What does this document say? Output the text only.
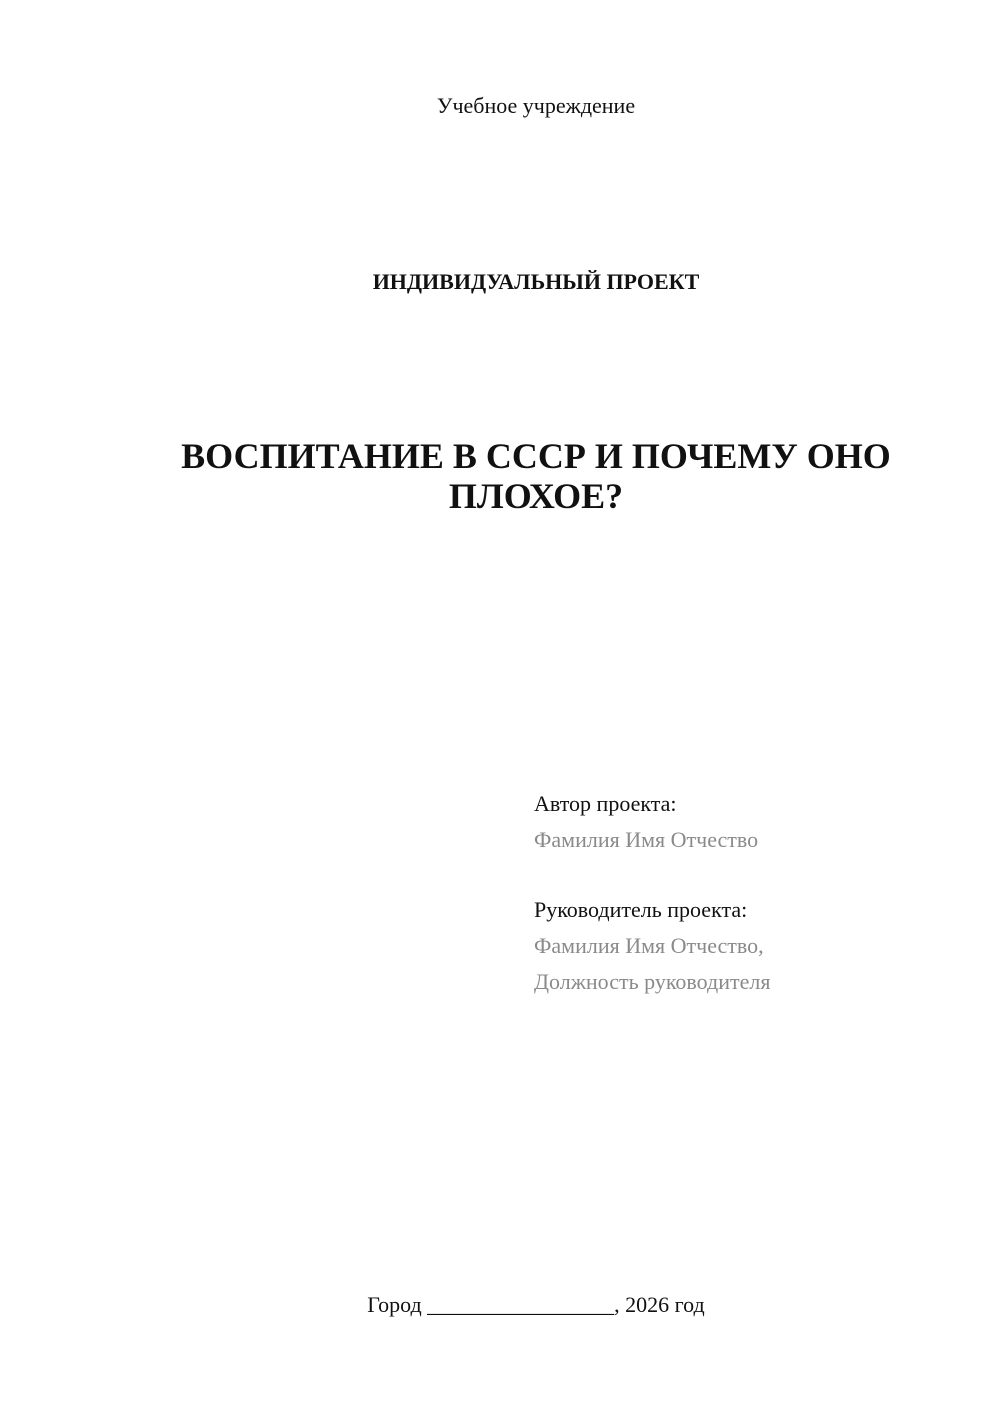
Учебное учреждение
ИНДИВИДУАЛЬНЫЙ ПРОЕКТ
ВОСПИТАНИЕ В СССР И ПОЧЕМУ ОНО
ПЛОХОЕ?
Автор проекта:
Фамилия Имя Отчество
Руководитель проекта:
Фамилия Имя Отчество,
Должность руководителя
Город _________________, 2026 год
